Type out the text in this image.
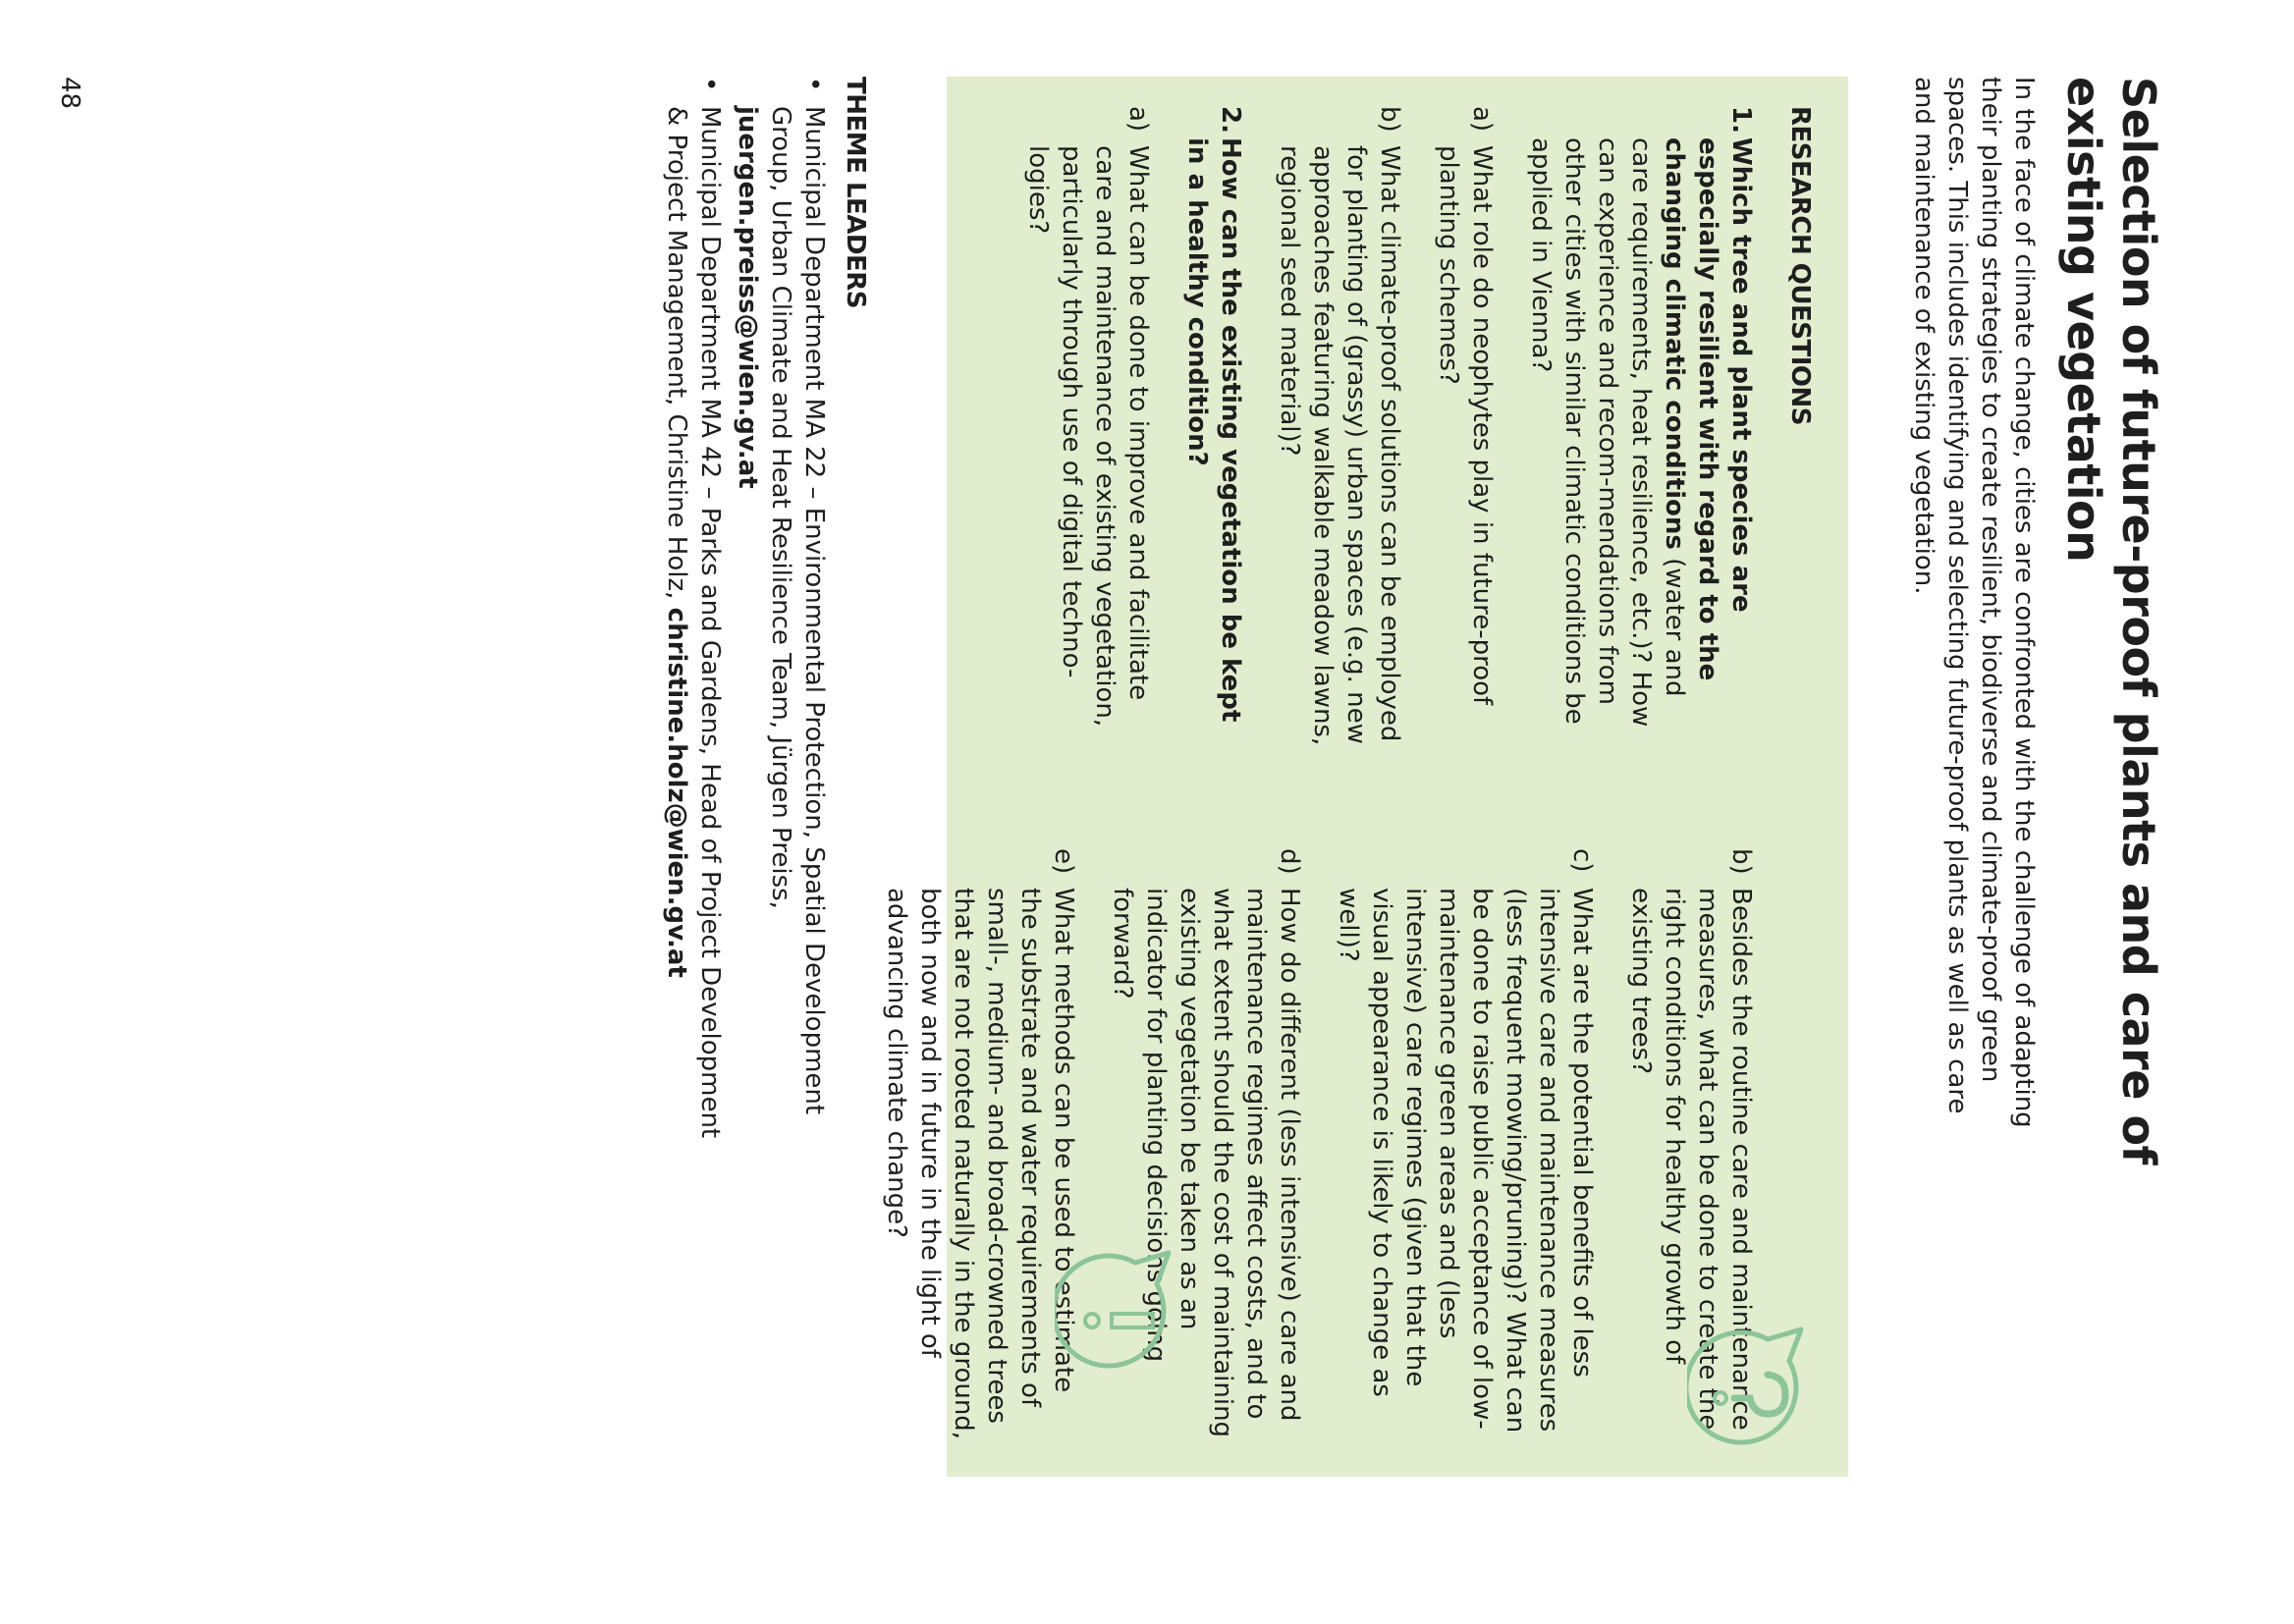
Selection of future-proof plants and care of existing vegetation

In the face of climate change, cities are confronted with the challenge of adapting their planting strategies to create resilient, biodiverse and climate-proof green spaces. This includes identifying and selecting future-proof plants as well as care and maintenance of existing vegetation.

RESEARCH QUESTIONS
1.
Which tree and plant species are especially resilient with regard to the changing climatic conditions (water and care requirements, heat resilience, etc.)? How can experience and recom-mendations from other cities with similar climatic conditions be applied in Vienna?
a)
What role do neophytes play in future-proof planting schemes?
b)
What climate-proof solutions can be employed for planting of (grassy) urban spaces (e.g. new approaches featuring walkable meadow lawns, regional seed material)?
2.
How can the existing vegetation be kept in a healthy condition?
a)
What can be done to improve and facilitate care and maintenance of existing vegetation, particularly through use of digital techno-logies?
b)
Besides the routine care and maintenance measures, what can be done to create the right conditions for healthy growth of existing trees?
c)
What are the potential benefits of less intensive care and maintenance measures (less frequent mowing/pruning)? What can be done to raise public acceptance of low-maintenance green areas and (less intensive) care regimes (given that the visual appearance is likely to change as well)?
d)
How do different (less intensive) care and maintenance regimes affect costs, and to what extent should the cost of maintaining existing vegetation be taken as an indicator for planting decisions going forward?
e)
What methods can be used to estimate the substrate and water requirements of small-, medium- and broad-crowned trees that are not rooted naturally in the ground, both now and in future in the light of advancing climate change?
THEME LEADERS
•
Municipal Department MA 22 – Environmental Protection, Spatial Development Group, Urban Climate and Heat Resilience Team, Jürgen Preiss, juergen.preiss@wien.gv.at
•
Municipal Department MA 42 – Parks and Gardens, Head of Project Development & Project Management, Christine Holz, christine.holz@wien.gv.at
48
